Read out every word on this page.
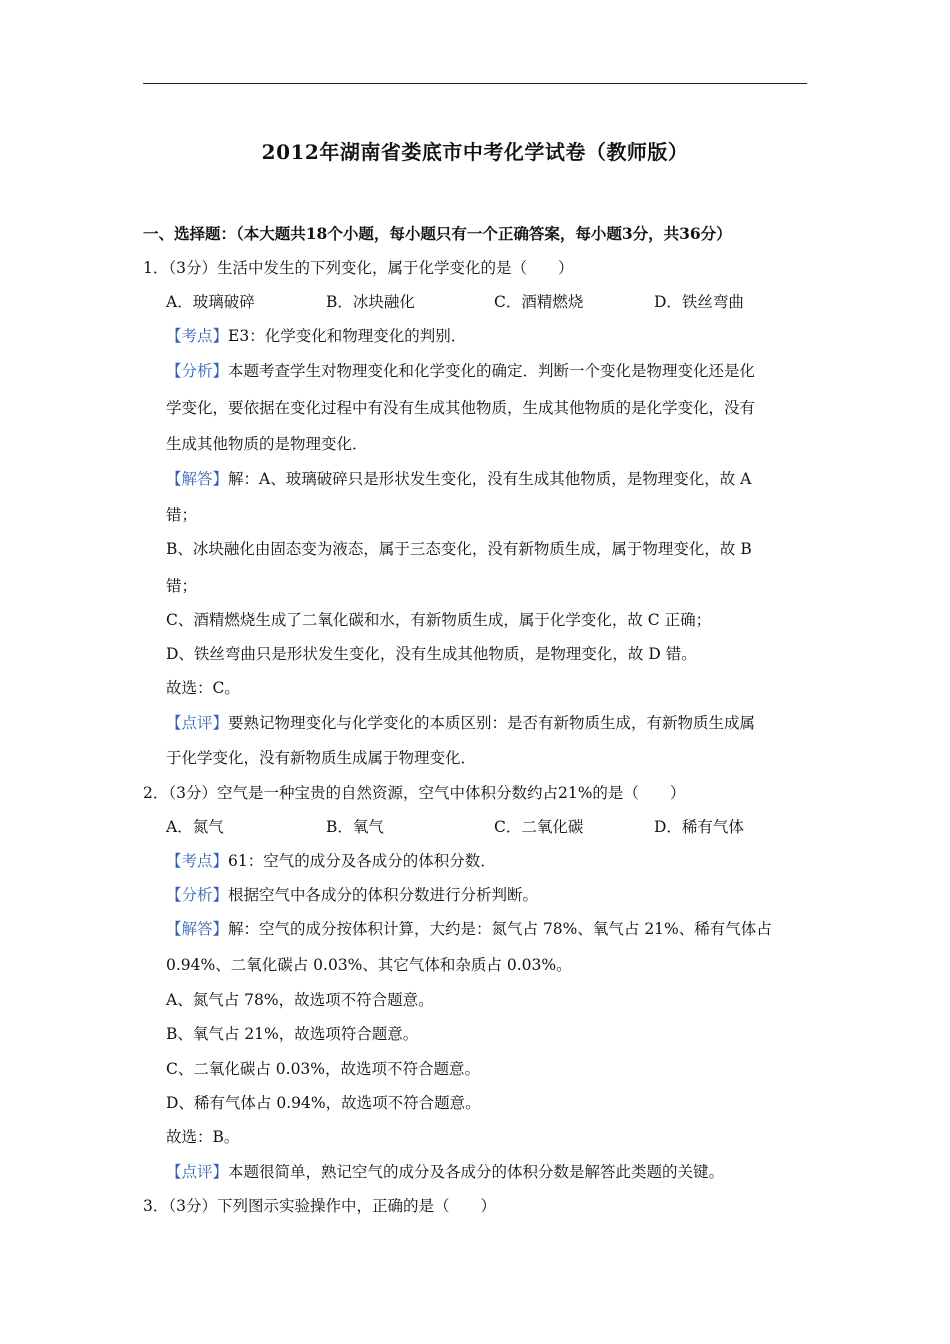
2012年湖南省娄底市中考化学试卷（教师版）
一、选择题：（本大题共18个小题，每小题只有一个正确答案，每小题3分，共36分）
1．（3分）生活中发生的下列变化，属于化学变化的是（　　）
A．玻璃破碎	B．冰块融化	C．酒精燃烧	D．铁丝弯曲
【考点】E3：化学变化和物理变化的判别．
【分析】本题考查学生对物理变化和化学变化的确定．判断一个变化是物理变化还是化
学变化，要依据在变化过程中有没有生成其他物质，生成其他物质的是化学变化，没有
生成其他物质的是物理变化．
【解答】解：A、玻璃破碎只是形状发生变化，没有生成其他物质，是物理变化，故 A
错；
B、冰块融化由固态变为液态，属于三态变化，没有新物质生成，属于物理变化，故 B
错；
C、酒精燃烧生成了二氧化碳和水，有新物质生成，属于化学变化，故 C 正确；
D、铁丝弯曲只是形状发生变化，没有生成其他物质，是物理变化，故 D 错。
故选：C。
【点评】要熟记物理变化与化学变化的本质区别：是否有新物质生成，有新物质生成属
于化学变化，没有新物质生成属于物理变化．
2．（3分）空气是一种宝贵的自然资源，空气中体积分数约占21%的是（　　）
A．氮气	B．氧气	C．二氧化碳	D．稀有气体
【考点】61：空气的成分及各成分的体积分数．
【分析】根据空气中各成分的体积分数进行分析判断。
【解答】解：空气的成分按体积计算，大约是：氮气占 78%、氧气占 21%、稀有气体占
0.94%、二氧化碳占 0.03%、其它气体和杂质占 0.03%。
A、氮气占 78%，故选项不符合题意。
B、氧气占 21%，故选项符合题意。
C、二氧化碳占 0.03%，故选项不符合题意。
D、稀有气体占 0.94%，故选项不符合题意。
故选：B。
【点评】本题很简单，熟记空气的成分及各成分的体积分数是解答此类题的关键。
3．（3分）下列图示实验操作中，正确的是（　　）
